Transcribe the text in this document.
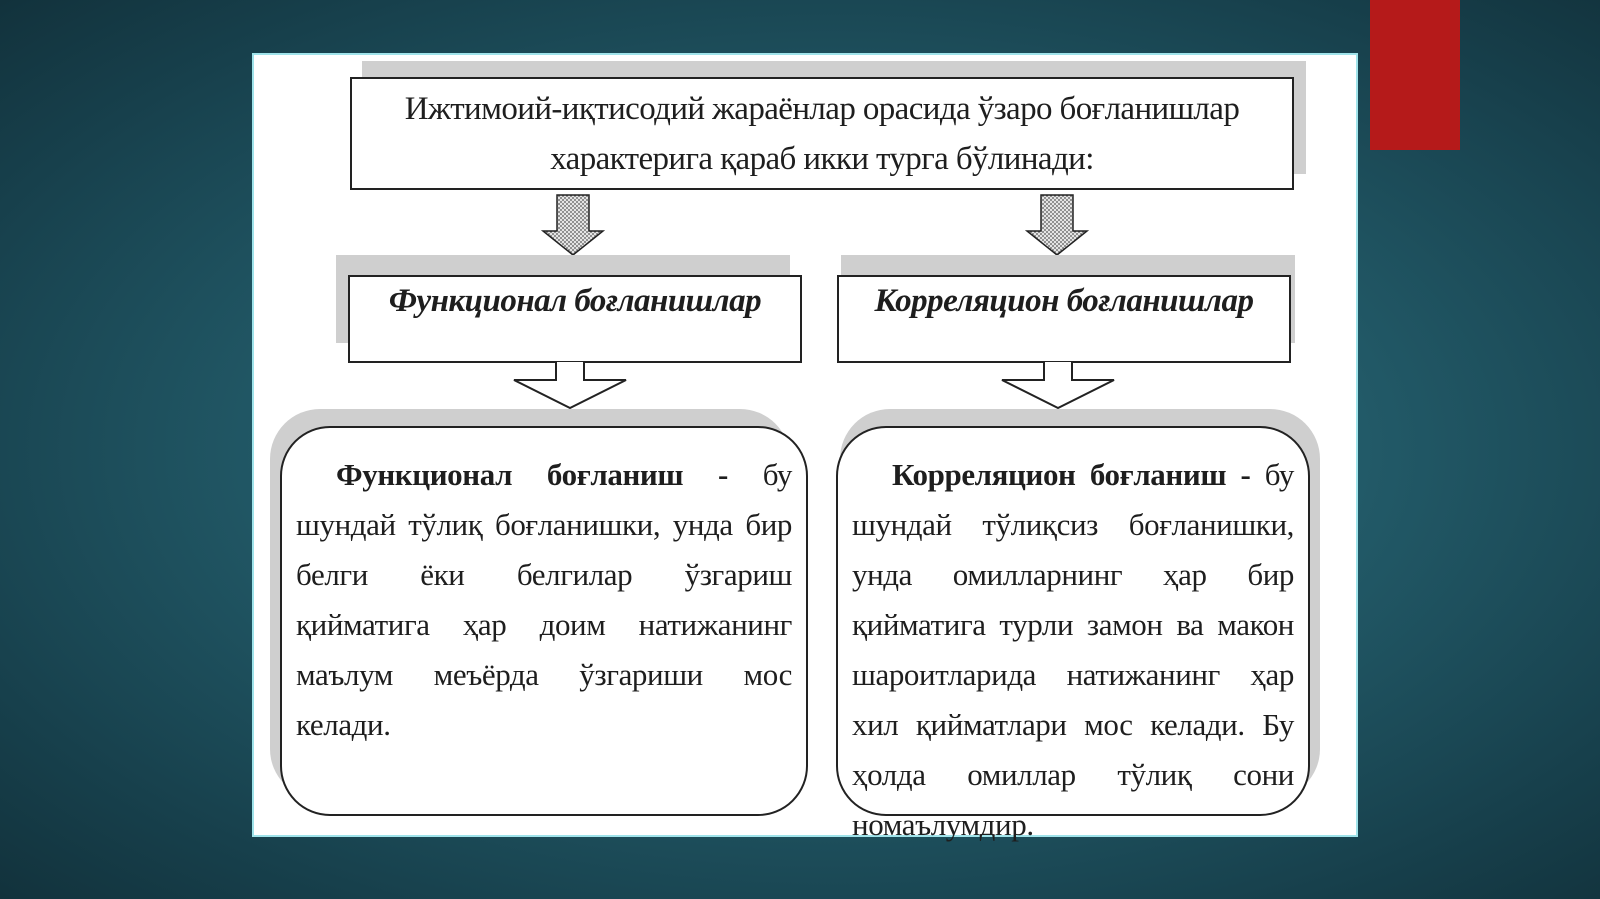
Ижтимоий-иқтисодий жараёнлар орасида ўзаро боғланишлар
характерига қараб икки турга бўлинади:
Функционал боғланишлар	Корреляцион боғланишлар
Функционал боғланиш - бу шундай тўлиқ боғланишки, унда бир белги ёки белгилар ўзгариш қийматига ҳар доим натижанинг маълум меъёрда ўзгариши мос келади.
Корреляцион боғланиш - бу шундай тўлиқсиз боғланишки, унда омилларнинг ҳар бир қийматига турли замон ва макон шароитларида натижанинг ҳар хил қийматлари мос келади. Бу ҳолда омиллар тўлиқ сони номаълумдир.
